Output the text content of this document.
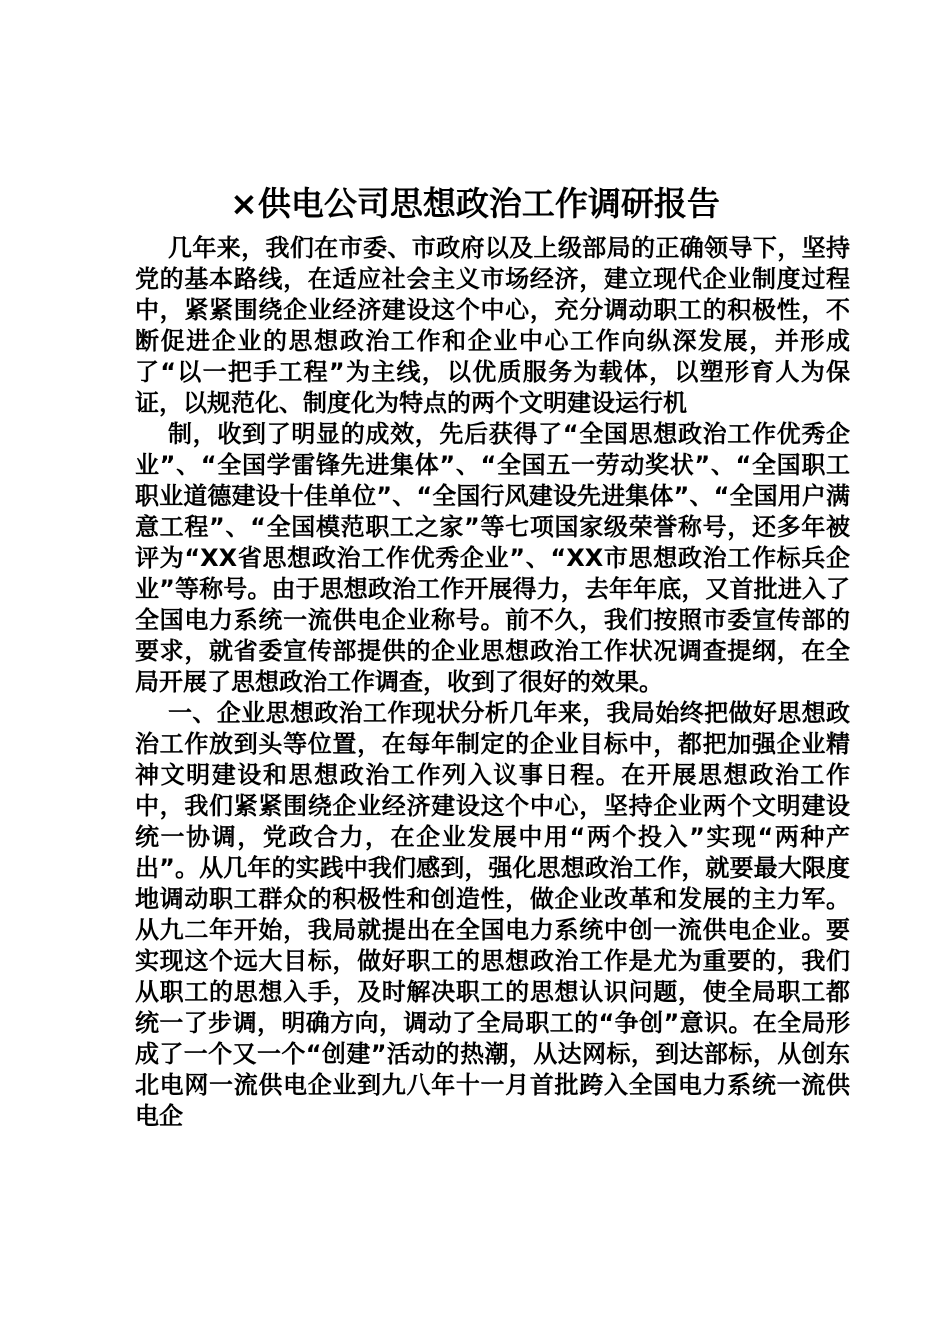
×供电公司思想政治工作调研报告

几年来，我们在市委、市政府以及上级部局的正确领导下，坚持党的基本路线，在适应社会主义市场经济，建立现代企业制度过程中，紧紧围绕企业经济建设这个中心，充分调动职工的积极性，不断促进企业的思想政治工作和企业中心工作向纵深发展，并形成了“以一把手工程”为主线，以优质服务为载体，以塑形育人为保证，以规范化、制度化为特点的两个文明建设运行机

制，收到了明显的成效，先后获得了“全国思想政治工作优秀企业”、“全国学雷锋先进集体”、“全国五一劳动奖状”、“全国职工职业道德建设十佳单位”、“全国行风建设先进集体”、“全国用户满意工程”、“全国模范职工之家”等七项国家级荣誉称号，还多年被评为“XX省思想政治工作优秀企业”、“XX市思想政治工作标兵企业”等称号。由于思想政治工作开展得力，去年年底，又首批进入了全国电力系统一流供电企业称号。前不久，我们按照市委宣传部的要求，就省委宣传部提供的企业思想政治工作状况调查提纲，在全局开展了思想政治工作调查，收到了很好的效果。

一、企业思想政治工作现状分析几年来，我局始终把做好思想政治工作放到头等位置，在每年制定的企业目标中，都把加强企业精神文明建设和思想政治工作列入议事日程。在开展思想政治工作中，我们紧紧围绕企业经济建设这个中心，坚持企业两个文明建设统一协调，党政合力，在企业发展中用“两个投入”实现“两种产出”。从几年的实践中我们感到，强化思想政治工作，就要最大限度地调动职工群众的积极性和创造性，做企业改革和发展的主力军。从九二年开始，我局就提出在全国电力系统中创一流供电企业。要实现这个远大目标，做好职工的思想政治工作是尤为重要的，我们从职工的思想入手，及时解决职工的思想认识问题，使全局职工都统一了步调，明确方向，调动了全局职工的“争创”意识。在全局形成了一个又一个“创建”活动的热潮，从达网标，到达部标，从创东北电网一流供电企业到九八年十一月首批跨入全国电力系统一流供电企
